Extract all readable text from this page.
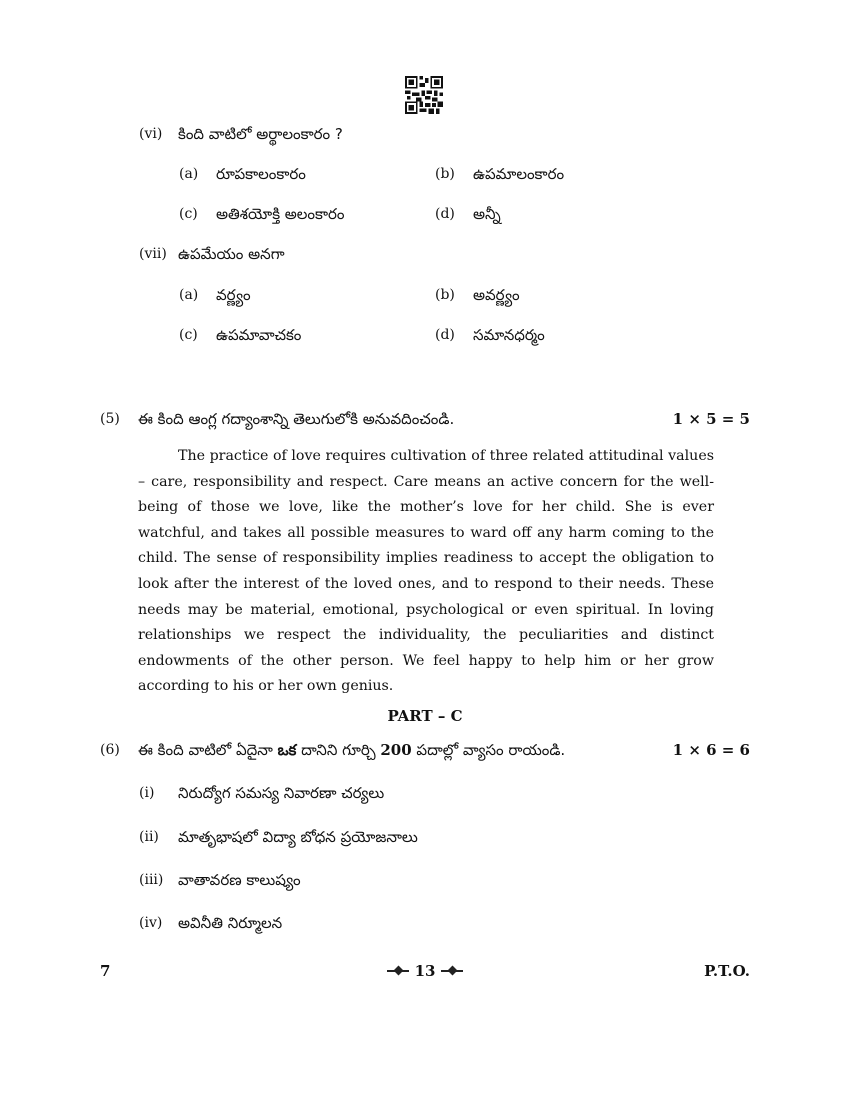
(vi) కింది వాటిలో అర్థాలంకారం ?
(a) రూపకాలంకారం	(b) ఉపమాలంకారం
(c) అతిశయోక్తి అలంకారం	(d) అన్నీ
(vii) ఉపమేయం అనగా
(a) వర్ణ్యం	(b) అవర్ణ్యం
(c) ఉపమావాచకం	(d) సమానధర్మం
(5) ఈ కింది ఆంగ్ల గద్యాంశాన్ని తెలుగులోకి అనువదించండి.	1 × 5 = 5

The practice of love requires cultivation of three related attitudinal values – care, responsibility and respect. Care means an active concern for the well-being of those we love, like the mother’s love for her child. She is ever watchful, and takes all possible measures to ward off any harm coming to the child. The sense of responsibility implies readiness to accept the obligation to look after the interest of the loved ones, and to respond to their needs. These needs may be material, emotional, psychological or even spiritual. In loving relationships we respect the individuality, the peculiarities and distinct endowments of the other person. We feel happy to help him or her grow according to his or her own genius.

PART – C
(6) ఈ కింది వాటిలో ఏదైనా ఒక దానిని గూర్చి 200 పదాల్లో వ్యాసం రాయండి.	1 × 6 = 6
(i) నిరుద్యోగ సమస్య నివారణా చర్యలు
(ii) మాతృభాషలో విద్యా బోధన ప్రయోజనాలు
(iii) వాతావరణ కాలుష్యం
(iv) అవినీతి నిర్మూలన
7	13	P.T.O.
